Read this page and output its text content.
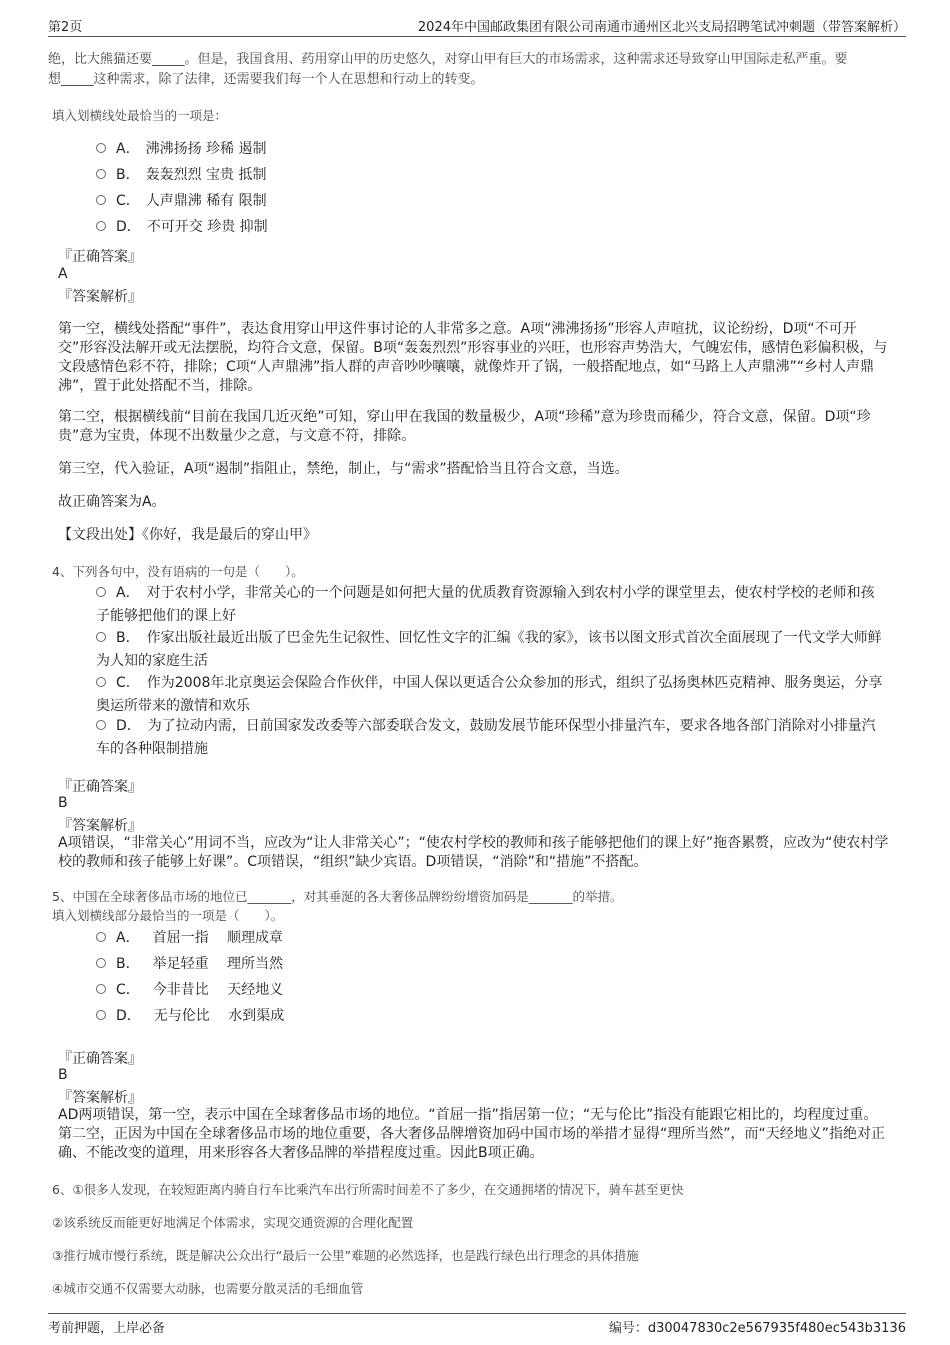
第2页	2024年中国邮政集团有限公司南通市通州区北兴支局招聘笔试冲刺题（带答案解析）

绝，比大熊猫还要_____。但是，我国食用、药用穿山甲的历史悠久，对穿山甲有巨大的市场需求，这种需求还导致穿山甲国际走私严重。要
想_____这种需求，除了法律，还需要我们每一个人在思想和行动上的转变。
填入划横线处最恰当的一项是：
A． 沸沸扬扬 珍稀 遏制
B． 轰轰烈烈 宝贵 抵制
C． 人声鼎沸 稀有 限制
D． 不可开交 珍贵 抑制
『正确答案』
A
『答案解析』
第一空，横线处搭配“事件”，表达食用穿山甲这件事讨论的人非常多之意。A项“沸沸扬扬”形容人声喧扰，议论纷纷，D项“不可开交”形容没法解开或无法摆脱，均符合文意，保留。B项“轰轰烈烈”形容事业的兴旺，也形容声势浩大，气魄宏伟，感情色彩偏积极，与文段感情色彩不符，排除；C项“人声鼎沸”指人群的声音吵吵嚷嚷，就像炸开了锅，一般搭配地点，如“马路上人声鼎沸”“乡村人声鼎沸”，置于此处搭配不当，排除。
第二空，根据横线前“目前在我国几近灭绝”可知，穿山甲在我国的数量极少，A项“珍稀”意为珍贵而稀少，符合文意，保留。D项“珍贵”意为宝贵，体现不出数量少之意，与文意不符，排除。
第三空，代入验证，A项“遏制”指阻止，禁绝，制止，与“需求”搭配恰当且符合文意，当选。
故正确答案为A。
【文段出处】《你好，我是最后的穿山甲》
4、下列各句中，没有语病的一句是（　　）。
A．　 对于农村小学，非常关心的一个问题是如何把大量的优质教育资源输入到农村小学的课堂里去，使农村学校的老师和孩子能够把他们的课上好
B．　 作家出版社最近出版了巴金先生记叙性、回忆性文字的汇编《我的家》，该书以图文形式首次全面展现了一代文学大师鲜为人知的家庭生活
C．　 作为2008年北京奥运会保险合作伙伴，中国人保以更适合公众参加的形式，组织了弘扬奥林匹克精神、服务奥运，分享奥运所带来的激情和欢乐
D．　 为了拉动内需，日前国家发改委等六部委联合发文，鼓励发展节能环保型小排量汽车，要求各地各部门消除对小排量汽车的各种限制措施
『正确答案』
B
『答案解析』
A项错误，“非常关心”用词不当，应改为“让人非常关心”；“使农村学校的教师和孩子能够把他们的课上好”拖沓累赘，应改为“使农村学校的教师和孩子能够上好课”。C项错误，“组织”缺少宾语。D项错误，“消除”和“措施”不搭配。
5、中国在全球奢侈品市场的地位已_______，对其垂涎的各大奢侈品牌纷纷增资加码是_______的举措。
填入划横线部分最恰当的一项是（　　）。
A．　 首屈一指　 顺理成章
B．　 举足轻重　 理所当然
C．　 今非昔比　 天经地义
D．　 无与伦比　 水到渠成
『正确答案』
B
『答案解析』
AD两项错误，第一空，表示中国在全球奢侈品市场的地位。“首屈一指”指居第一位；“无与伦比”指没有能跟它相比的，均程度过重。第二空，正因为中国在全球奢侈品市场的地位重要，各大奢侈品牌增资加码中国市场的举措才显得“理所当然”，而“天经地义”指绝对正确、不能改变的道理，用来形容各大奢侈品牌的举措程度过重。因此B项正确。
6、①很多人发现，在较短距离内骑自行车比乘汽车出行所需时间差不了多少，在交通拥堵的情况下，骑车甚至更快
②该系统反而能更好地满足个体需求，实现交通资源的合理化配置
③推行城市慢行系统，既是解决公众出行“最后一公里”难题的必然选择，也是践行绿色出行理念的具体措施
④城市交通不仅需要大动脉，也需要分散灵活的毛细血管
考前押题，上岸必备	编号：d30047830c2e567935f480ec543b3136
